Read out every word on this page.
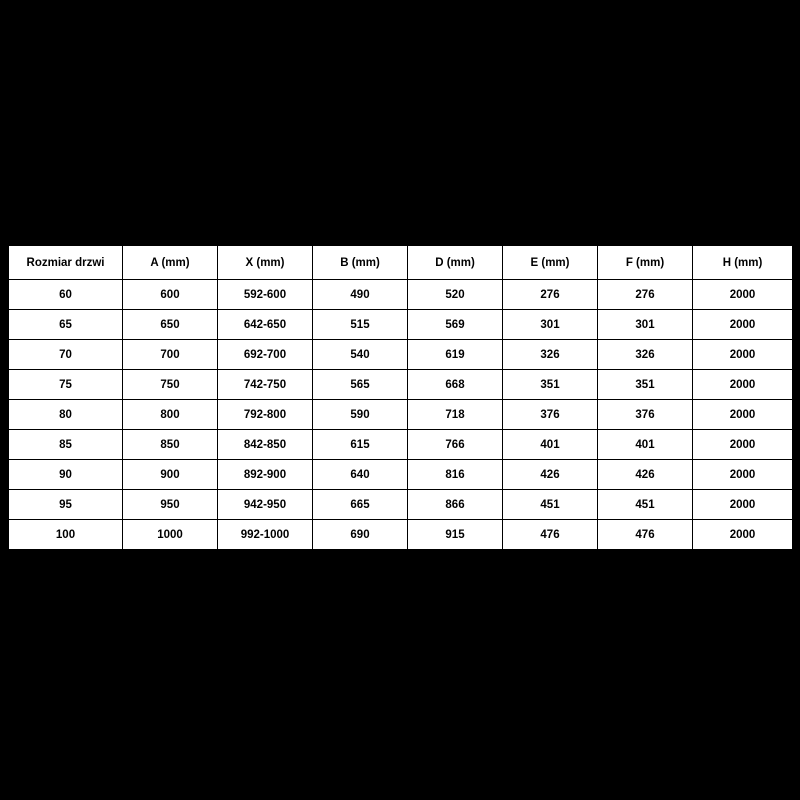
Rozmiar drzwi	A (mm)	X (mm)	B (mm)	D (mm)	E (mm)	F (mm)	H (mm)
60	600	592-600	490	520	276	276	2000
65	650	642-650	515	569	301	301	2000
70	700	692-700	540	619	326	326	2000
75	750	742-750	565	668	351	351	2000
80	800	792-800	590	718	376	376	2000
85	850	842-850	615	766	401	401	2000
90	900	892-900	640	816	426	426	2000
95	950	942-950	665	866	451	451	2000
100	1000	992-1000	690	915	476	476	2000
